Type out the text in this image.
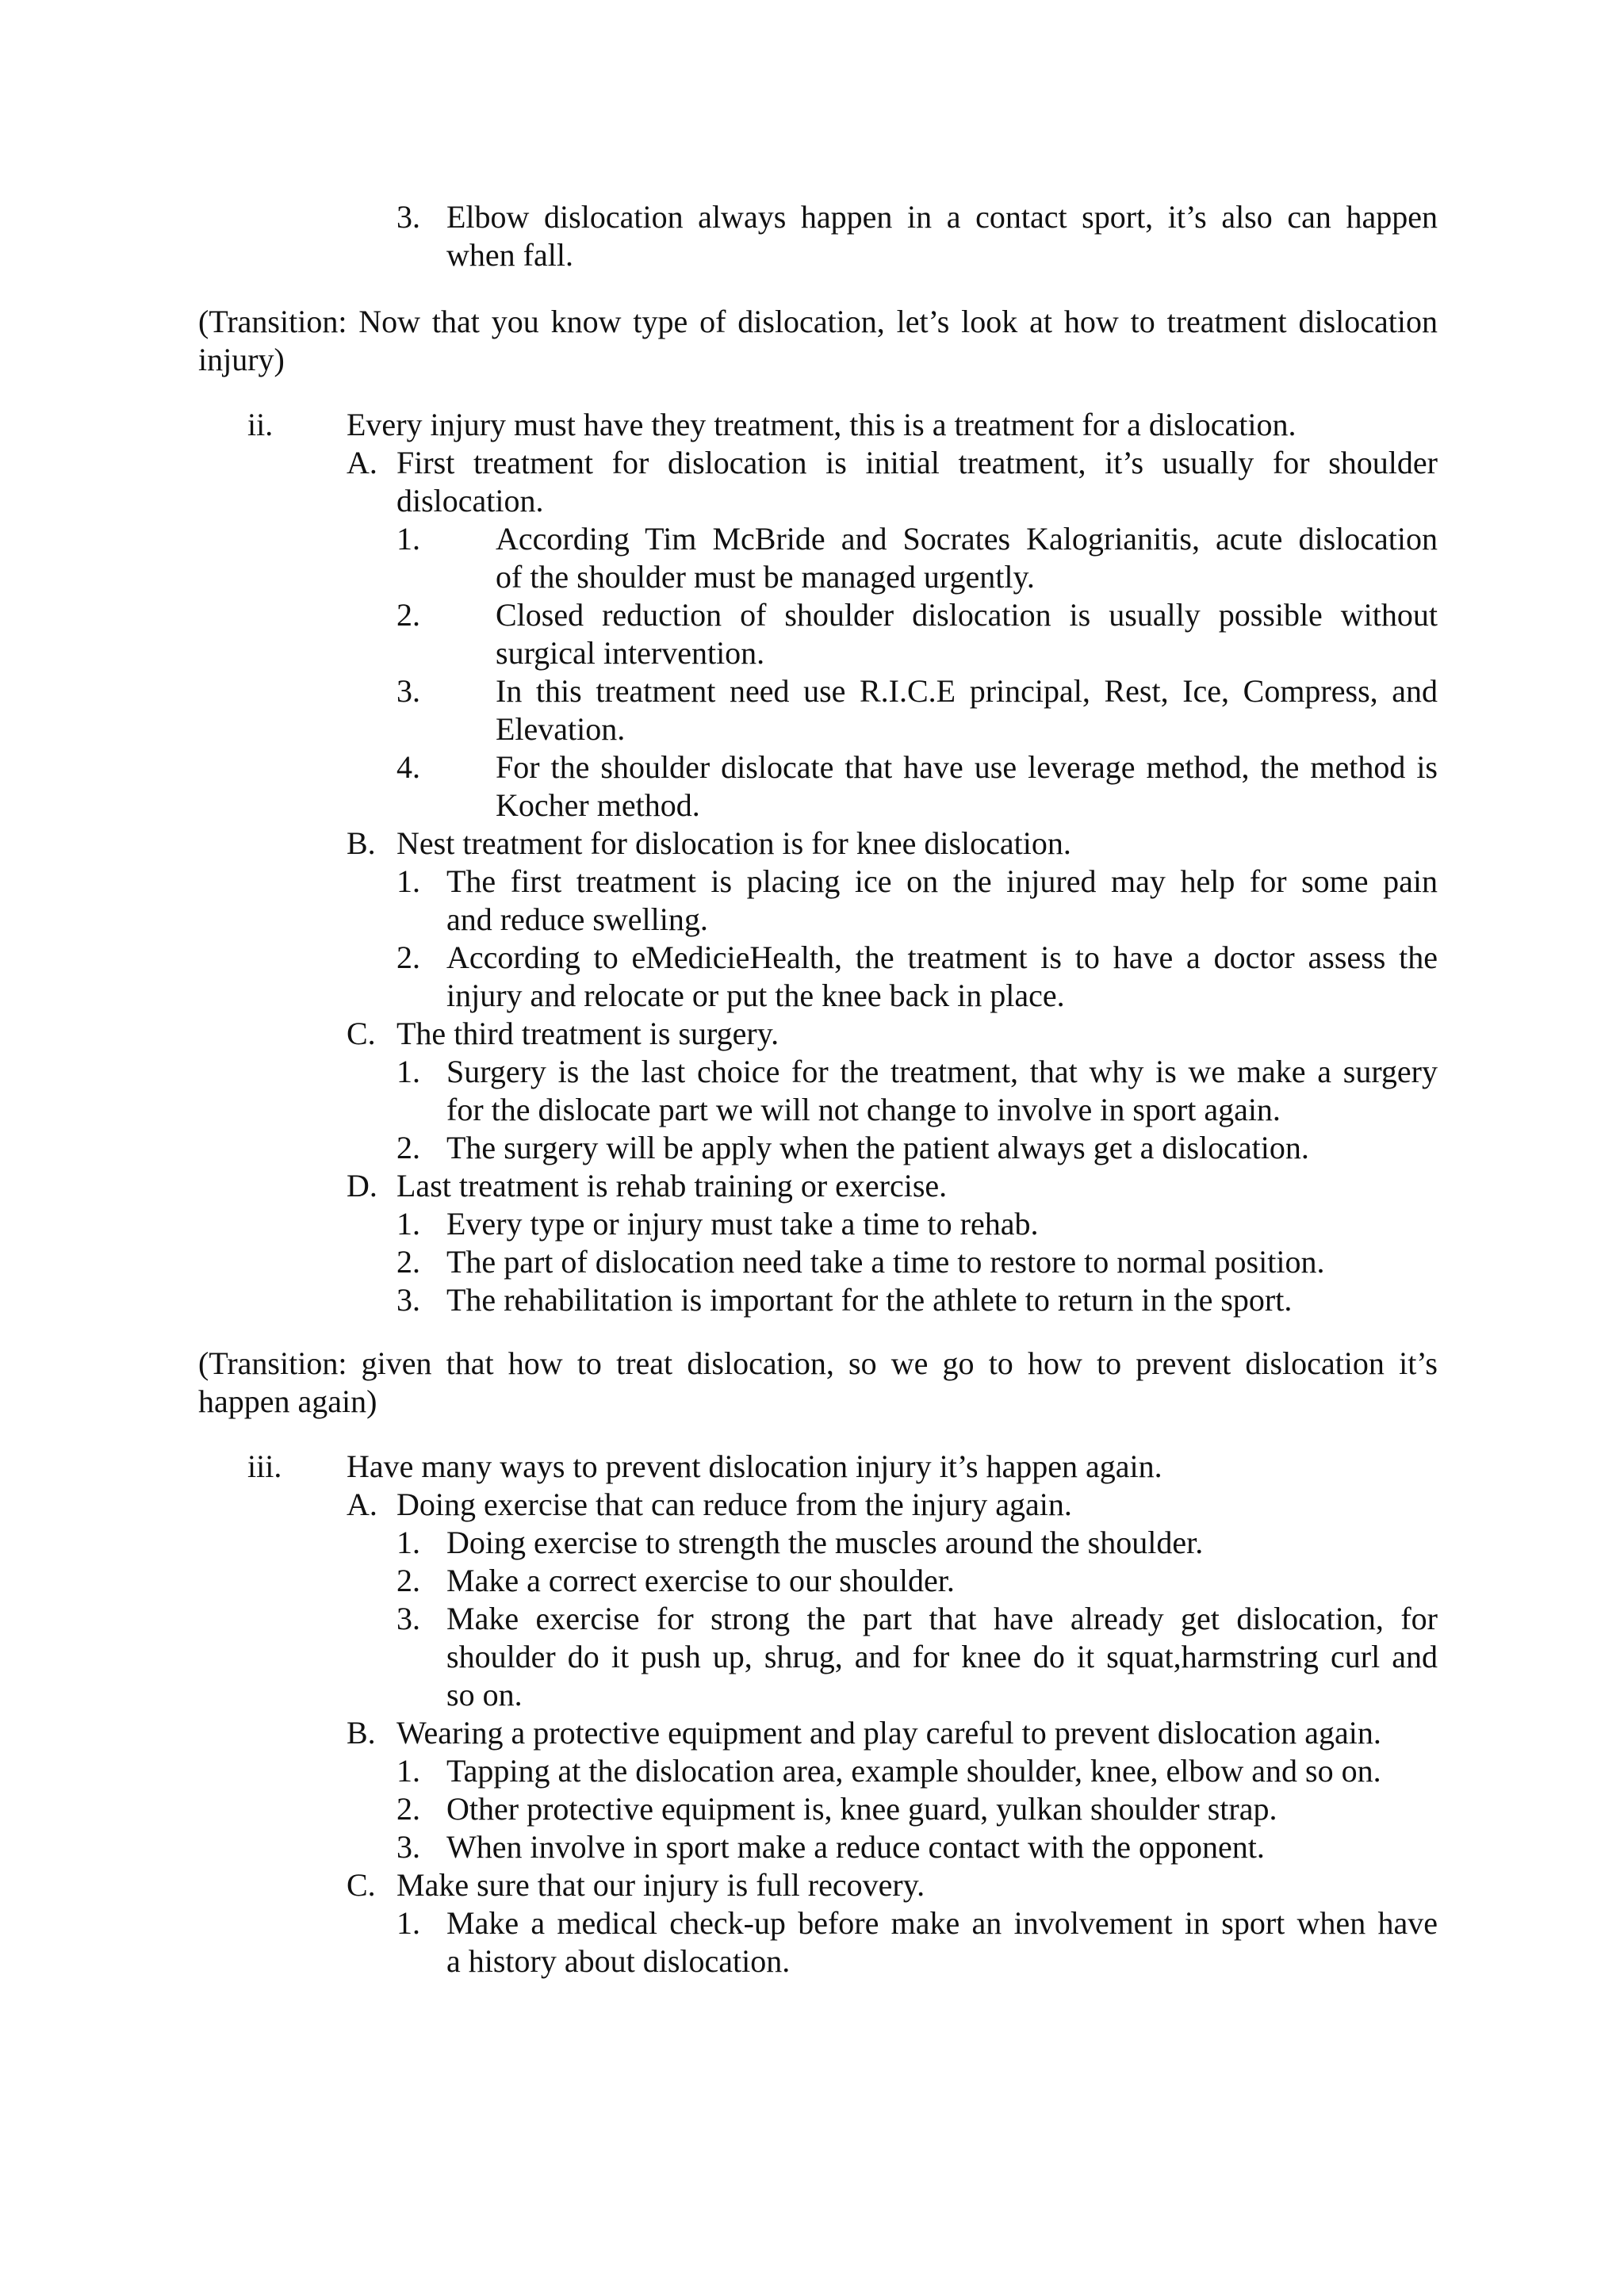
3. Elbow dislocation always happen in a contact sport, it’s also can happen
when fall.
(Transition: Now that you know type of dislocation, let’s look at how to treatment dislocation
injury)
ii. Every injury must have they treatment, this is a treatment for a dislocation.
A. First treatment for dislocation is initial treatment, it’s usually for shoulder
dislocation.
1. According Tim McBride and Socrates Kalogrianitis, acute dislocation
of the shoulder must be managed urgently.
2. Closed reduction of shoulder dislocation is usually possible without
surgical intervention.
3. In this treatment need use R.I.C.E principal, Rest, Ice, Compress, and
Elevation.
4. For the shoulder dislocate that have use leverage method, the method is
Kocher method.
B. Nest treatment for dislocation is for knee dislocation.
1. The first treatment is placing ice on the injured may help for some pain
and reduce swelling.
2. According to eMedicieHealth, the treatment is to have a doctor assess the
injury and relocate or put the knee back in place.
C. The third treatment is surgery.
1. Surgery is the last choice for the treatment, that why is we make a surgery
for the dislocate part we will not change to involve in sport again.
2. The surgery will be apply when the patient always get a dislocation.
D. Last treatment is rehab training or exercise.
1. Every type or injury must take a time to rehab.
2. The part of dislocation need take a time to restore to normal position.
3. The rehabilitation is important for the athlete to return in the sport.
(Transition: given that how to treat dislocation, so we go to how to prevent dislocation it’s
happen again)
iii. Have many ways to prevent dislocation injury it’s happen again.
A. Doing exercise that can reduce from the injury again.
1. Doing exercise to strength the muscles around the shoulder.
2. Make a correct exercise to our shoulder.
3. Make exercise for strong the part that have already get dislocation, for
shoulder do it push up, shrug, and for knee do it squat,harmstring curl and
so on.
B. Wearing a protective equipment and play careful to prevent dislocation again.
1. Tapping at the dislocation area, example shoulder, knee, elbow and so on.
2. Other protective equipment is, knee guard, yulkan shoulder strap.
3. When involve in sport make a reduce contact with the opponent.
C. Make sure that our injury is full recovery.
1. Make a medical check-up before make an involvement in sport when have
a history about dislocation.
